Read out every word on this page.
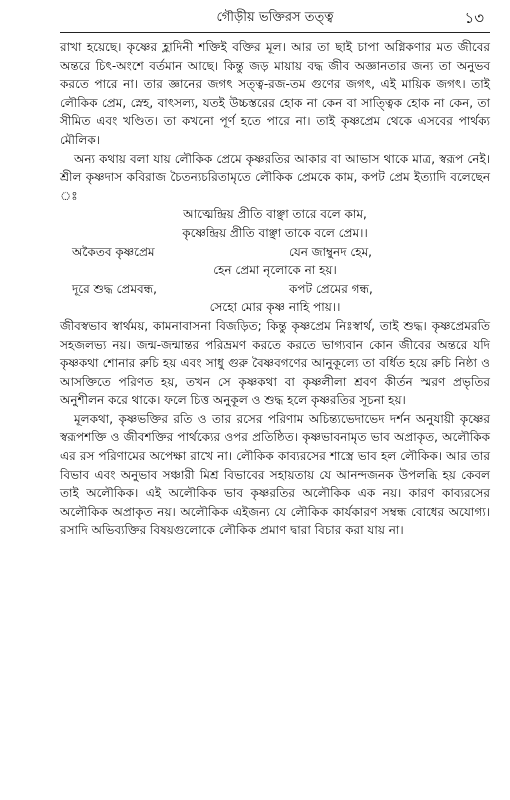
গৌড়ীয় ভক্তিরস তত্ত্ব	১৩

রাখা হয়েছে। কৃষ্ণের হ্লাদিনী শক্তিই বক্তির মূল। আর তা ছাই চাপা অগ্নিকণার মত জীবের অন্তরে চিৎ-অংশে বর্তমান আছে। কিন্তু জড় মায়ায় বদ্ধ জীব অজ্ঞানতার জন্য তা অনুভব করতে পারে না। তার জ্ঞানের জগৎ সত্ত্ব-রজ-তম গুণের জগৎ, এই মায়িক জগৎ। তাই লৌকিক প্রেম, স্নেহ, বাৎসল্য, যতই উচ্চস্তরের হোক না কেন বা সাত্ত্বিক হোক না কেন, তা সীমিত এবং খণ্ডিত। তা কখনো পূর্ণ হতে পারে না। তাই কৃষ্ণপ্রেম থেকে এসবের পার্থক্য মৌলিক।

অন্য কথায় বলা যায় লৌকিক প্রেমে কৃষ্ণরতির আকার বা আভাস থাকে মাত্র, স্বরূপ নেই। শ্রীল কৃষ্ণদাস কবিরাজ চৈতন্যচরিতামৃতে লৌকিক প্রেমকে কাম, কপট প্রেম ইত্যাদি বলেছেন ঃ

আত্মেন্দ্রিয় প্রীতি বাঞ্ছা তারে বলে কাম,
কৃষ্ণেন্দ্রিয় প্রীতি বাঞ্ছা তাকে বলে প্রেম।।
অকৈতব কৃষ্ণপ্রেম	যেন জাম্বুনদ হেম,
হেন প্রেমা নৃলোকে না হয়।
দূরে শুদ্ধ প্রেমবন্ধ,	কপট প্রেমের গন্ধ,
সেহো মোর কৃষ্ণ নাহি পায়।।

জীবস্বভাব স্বার্থময়, কামনাবাসনা বিজড়িত; কিন্তু কৃষ্ণপ্রেম নিঃস্বার্থ, তাই শুদ্ধ। কৃষ্ণপ্রেমরতি সহজলভ্য নয়। জন্ম-জন্মান্তর পরিভ্রমণ করতে করতে ভাগ্যবান কোন জীবের অন্তরে যদি কৃষ্ণকথা শোনার রুচি হয় এবং সাধু গুরু বৈষ্ণবগণের আনুকূল্যে তা বর্ধিত হয়ে রুচি নিষ্ঠা ও আসক্তিতে পরিণত হয়, তখন সে কৃষ্ণকথা বা কৃষ্ণলীলা শ্রবণ কীর্তন স্মরণ প্রভৃতির অনুশীলন করে থাকে। ফলে চিত্ত অনুকূল ও শুদ্ধ হলে কৃষ্ণরতির সূচনা হয়।

মূলকথা, কৃষ্ণভক্তির রতি ও তার রসের পরিণাম অচিন্ত্যভেদাভেদ দর্শন অনুযায়ী কৃষ্ণের স্বরূপশক্তি ও জীবশক্তির পার্থক্যের ওপর প্রতিষ্ঠিত। কৃষ্ণভাবনামৃত ভাব অপ্রাকৃত, অলৌকিক এর রস পরিণামের অপেক্ষা রাখে না। লৌকিক কাব্যরসের শাস্ত্রে ভাব হল লৌকিক। আর তার বিভাব এবং অনুভাব সঞ্চারী মিশ্র বিভাবের সহায়তায় যে আনন্দজনক উপলব্ধি হয় কেবল তাই অলৌকিক। এই অলৌকিক ভাব কৃষ্ণরতির অলৌকিক এক নয়। কারণ কাব্যরসের অলৌকিক অপ্রাকৃত নয়। অলৌকিক এইজন্য যে লৌকিক কার্যকারণ সম্বন্ধ বোধের অযোগ্য। রসাদি অভিব্যক্তির বিষয়গুলোকে লৌকিক প্রমাণ দ্বারা বিচার করা যায় না।
